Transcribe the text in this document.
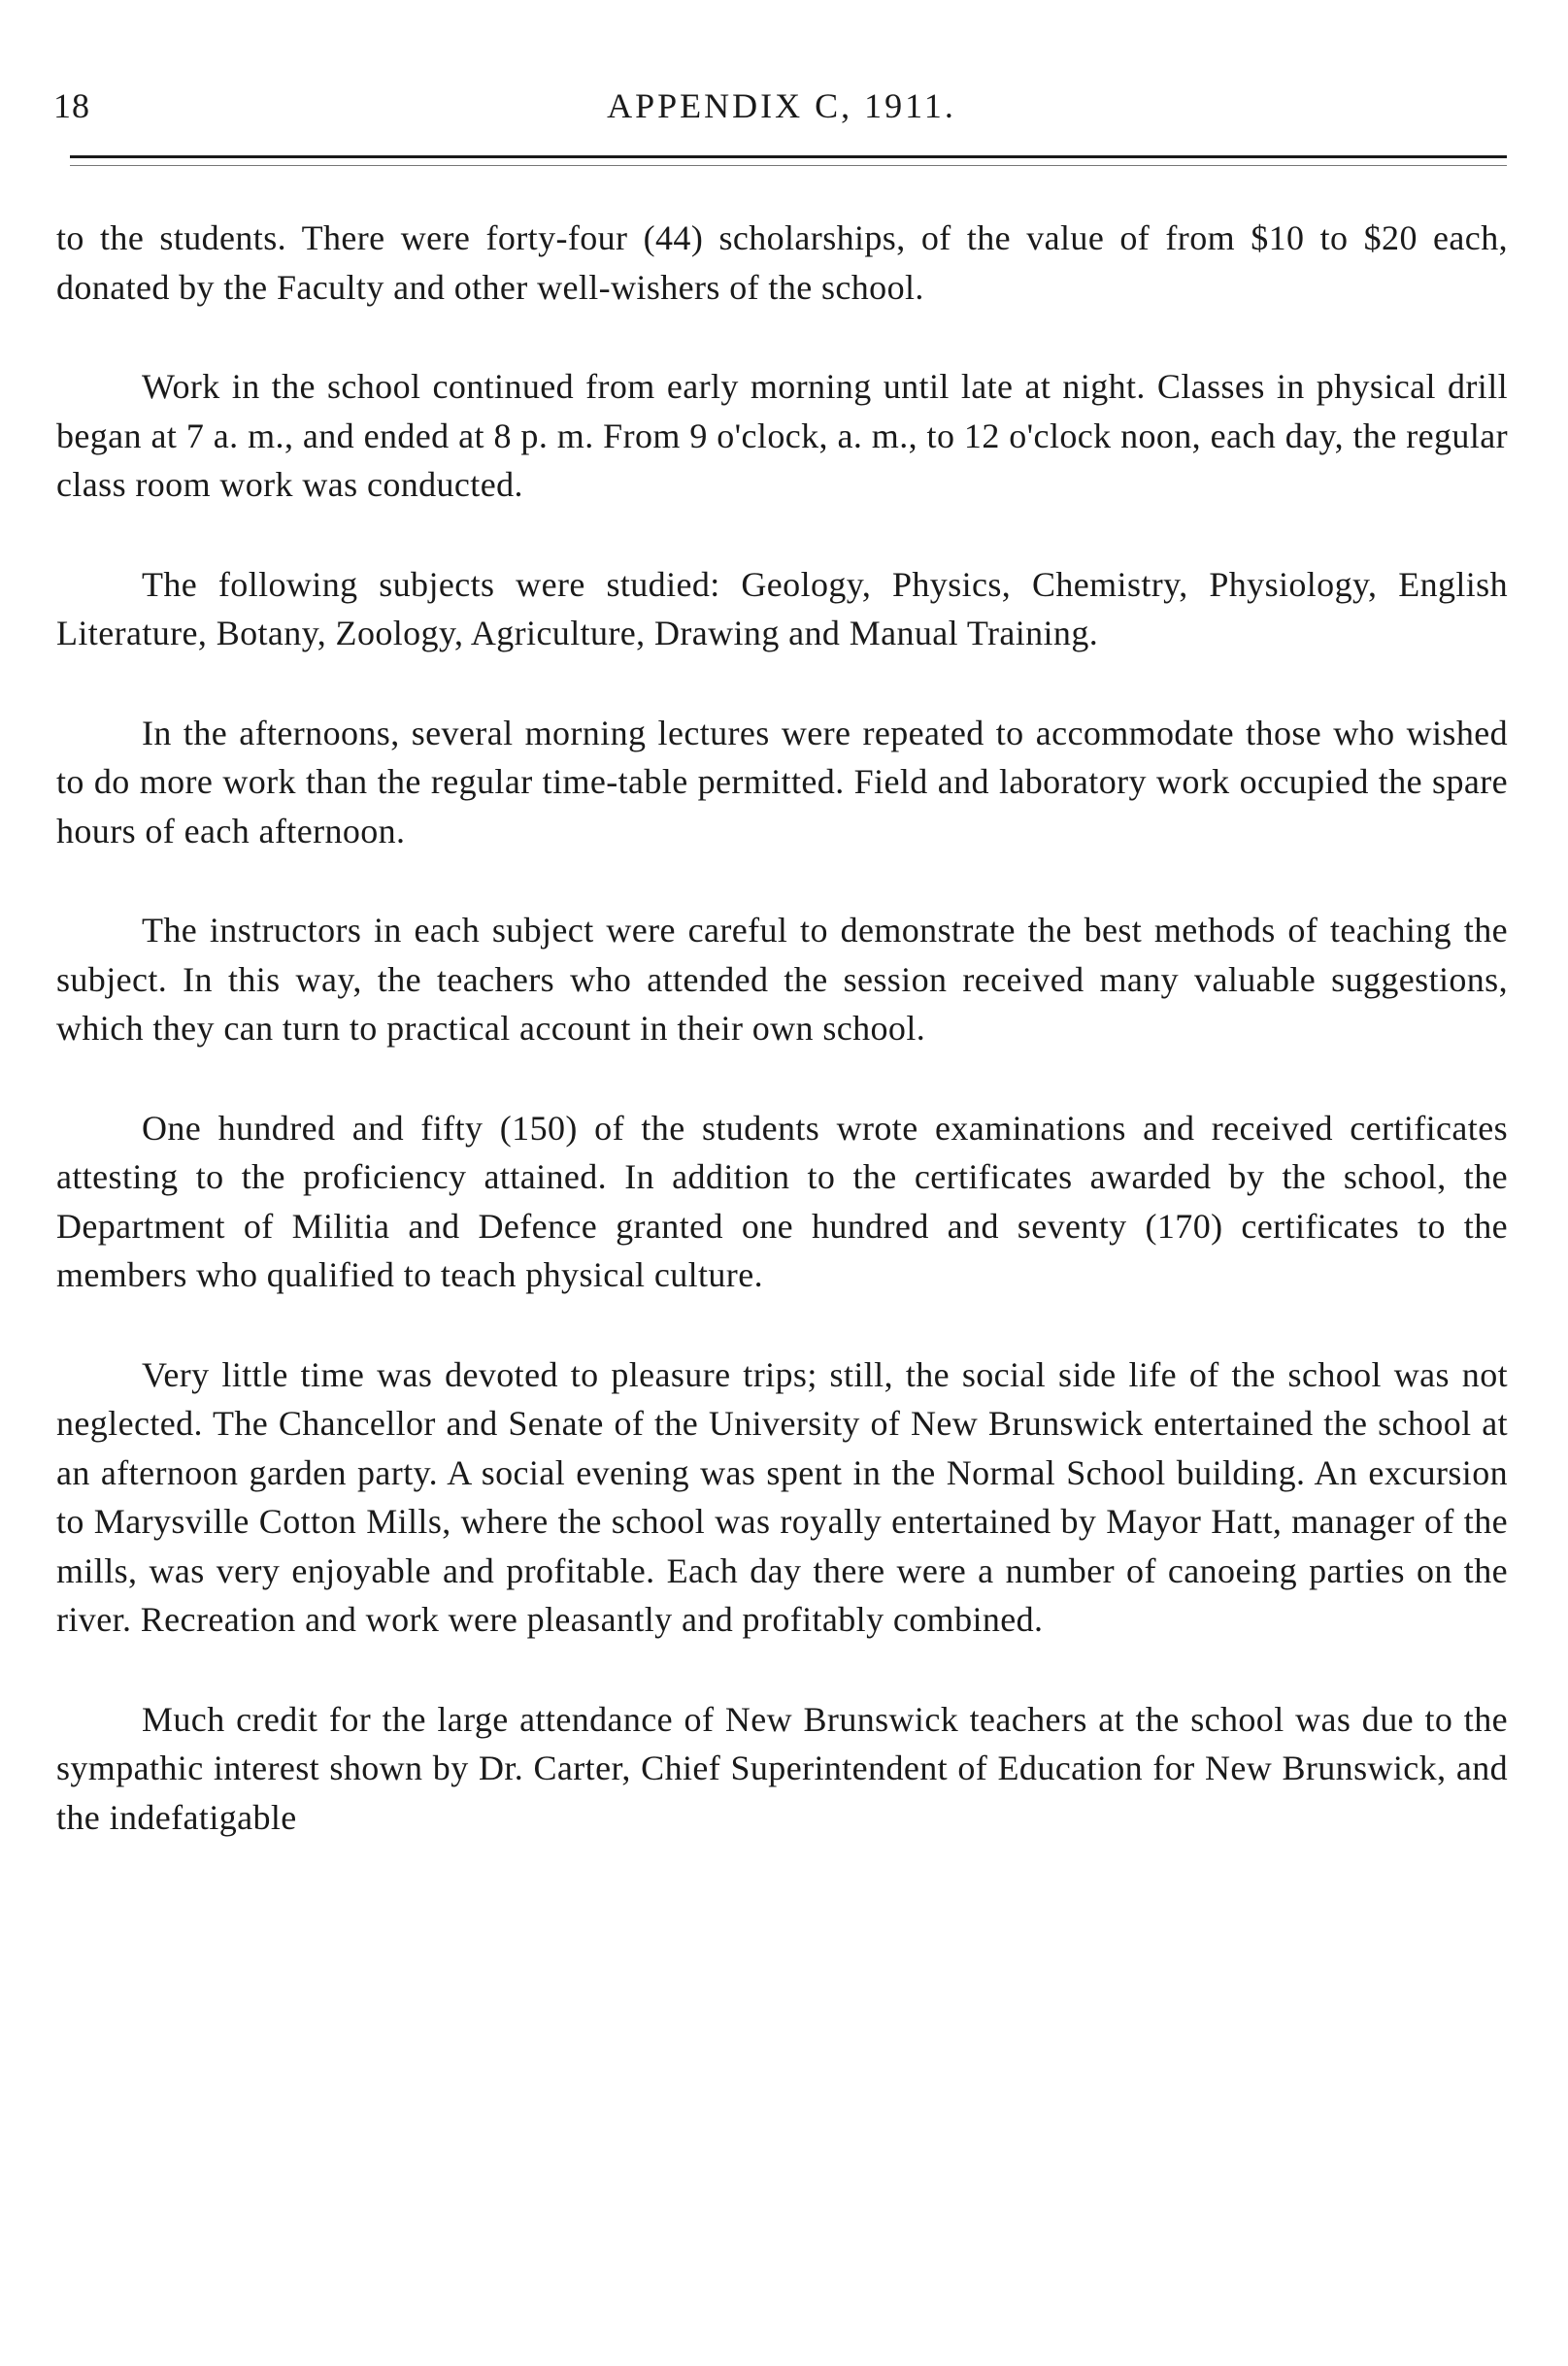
18	APPENDIX C, 1911.

to the students. There were forty-four (44) scholarships, of the value of from $10 to $20 each, donated by the Faculty and other well-wishers of the school.

Work in the school continued from early morning until late at night. Classes in physical drill began at 7 a. m., and ended at 8 p. m. From 9 o'clock, a. m., to 12 o'clock noon, each day, the regular class room work was conducted.

The following subjects were studied: Geology, Physics, Chemistry, Physiology, English Literature, Botany, Zoology, Agriculture, Drawing and Manual Training.

In the afternoons, several morning lectures were repeated to accommodate those who wished to do more work than the regular time-table permitted. Field and laboratory work occupied the spare hours of each afternoon.

The instructors in each subject were careful to demonstrate the best methods of teaching the subject. In this way, the teachers who attended the session received many valuable suggestions, which they can turn to practical account in their own school.

One hundred and fifty (150) of the students wrote examinations and received certificates attesting to the proficiency attained. In addition to the certificates awarded by the school, the Department of Militia and Defence granted one hundred and seventy (170) certificates to the members who qualified to teach physical culture.

Very little time was devoted to pleasure trips; still, the social side life of the school was not neglected. The Chancellor and Senate of the University of New Brunswick entertained the school at an afternoon garden party. A social evening was spent in the Normal School building. An excursion to Marysville Cotton Mills, where the school was royally entertained by Mayor Hatt, manager of the mills, was very enjoyable and profitable. Each day there were a number of canoeing parties on the river. Recreation and work were pleasantly and profitably combined.

Much credit for the large attendance of New Brunswick teachers at the school was due to the sympathic interest shown by Dr. Carter, Chief Superintendent of Education for New Brunswick, and the indefatigable
